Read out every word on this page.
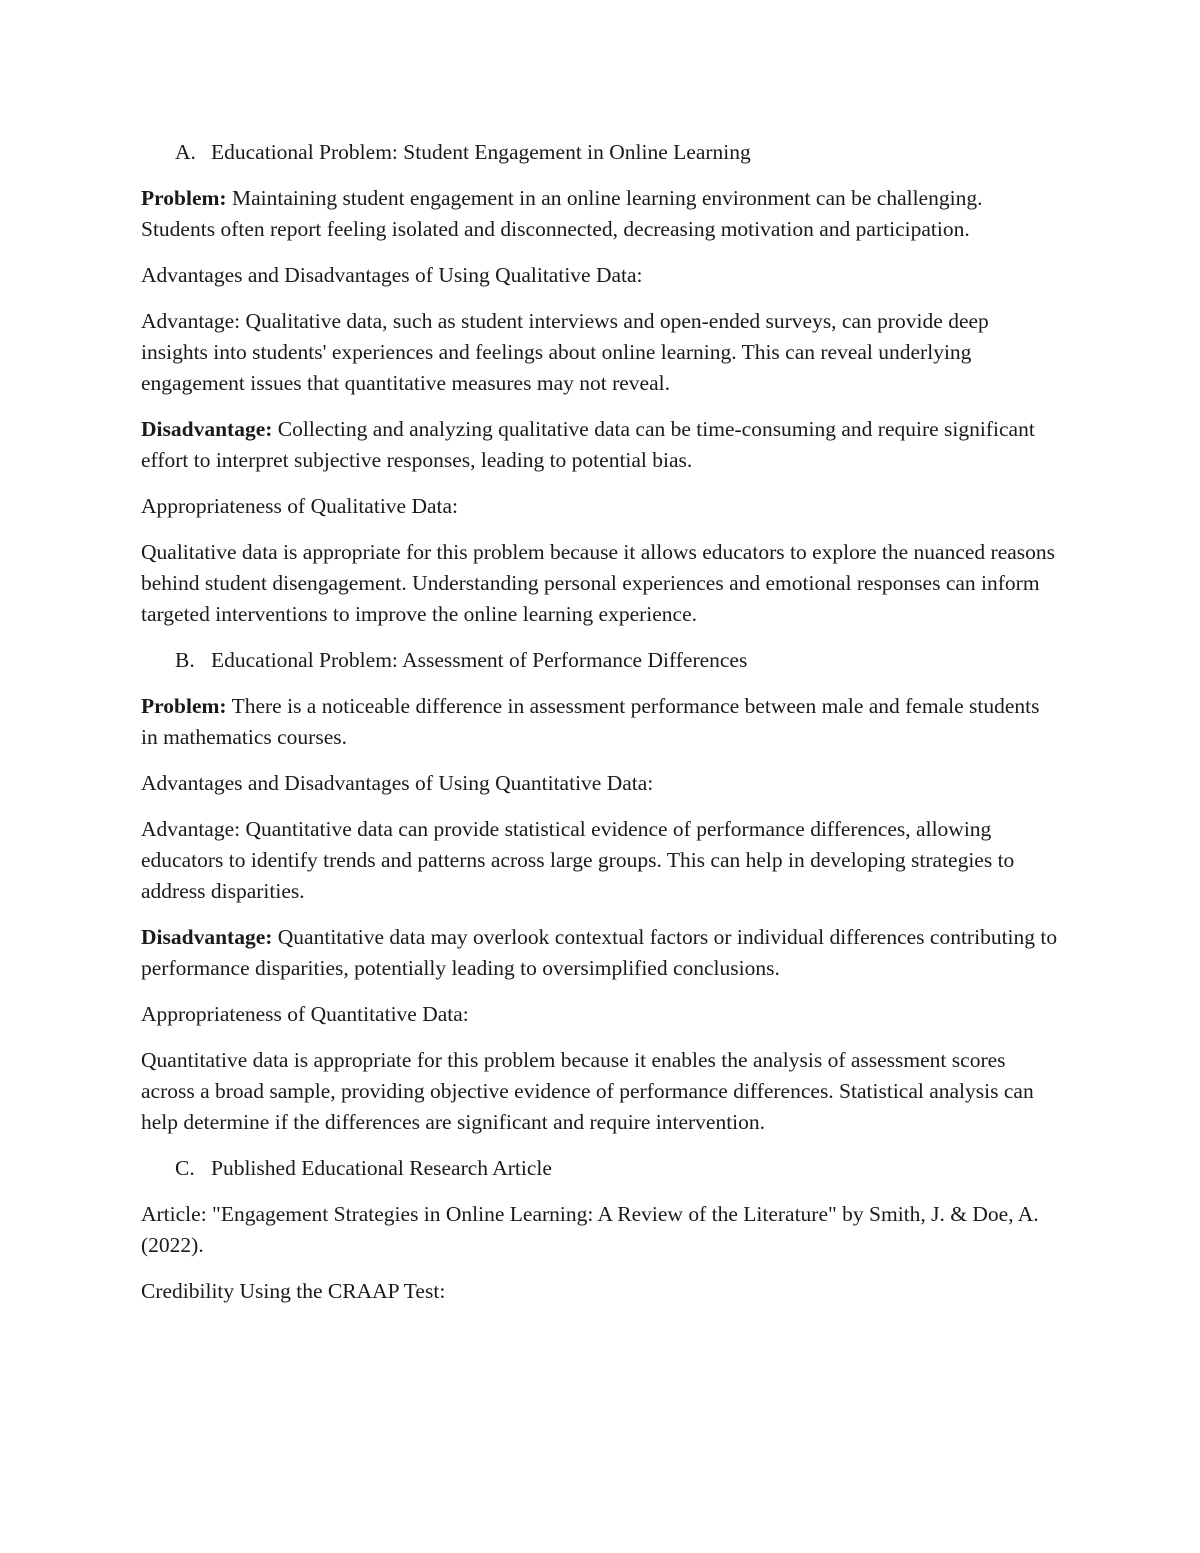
A. Educational Problem: Student Engagement in Online Learning

Problem: Maintaining student engagement in an online learning environment can be challenging. Students often report feeling isolated and disconnected, decreasing motivation and participation.

Advantages and Disadvantages of Using Qualitative Data:

Advantage: Qualitative data, such as student interviews and open-ended surveys, can provide deep insights into students' experiences and feelings about online learning. This can reveal underlying engagement issues that quantitative measures may not reveal.

Disadvantage: Collecting and analyzing qualitative data can be time-consuming and require significant effort to interpret subjective responses, leading to potential bias.

Appropriateness of Qualitative Data:

Qualitative data is appropriate for this problem because it allows educators to explore the nuanced reasons behind student disengagement. Understanding personal experiences and emotional responses can inform targeted interventions to improve the online learning experience.

B. Educational Problem: Assessment of Performance Differences

Problem: There is a noticeable difference in assessment performance between male and female students in mathematics courses.

Advantages and Disadvantages of Using Quantitative Data:

Advantage: Quantitative data can provide statistical evidence of performance differences, allowing educators to identify trends and patterns across large groups. This can help in developing strategies to address disparities.

Disadvantage: Quantitative data may overlook contextual factors or individual differences contributing to performance disparities, potentially leading to oversimplified conclusions.

Appropriateness of Quantitative Data:

Quantitative data is appropriate for this problem because it enables the analysis of assessment scores across a broad sample, providing objective evidence of performance differences. Statistical analysis can help determine if the differences are significant and require intervention.

C. Published Educational Research Article

Article: "Engagement Strategies in Online Learning: A Review of the Literature" by Smith, J. & Doe, A. (2022).

Credibility Using the CRAAP Test:
